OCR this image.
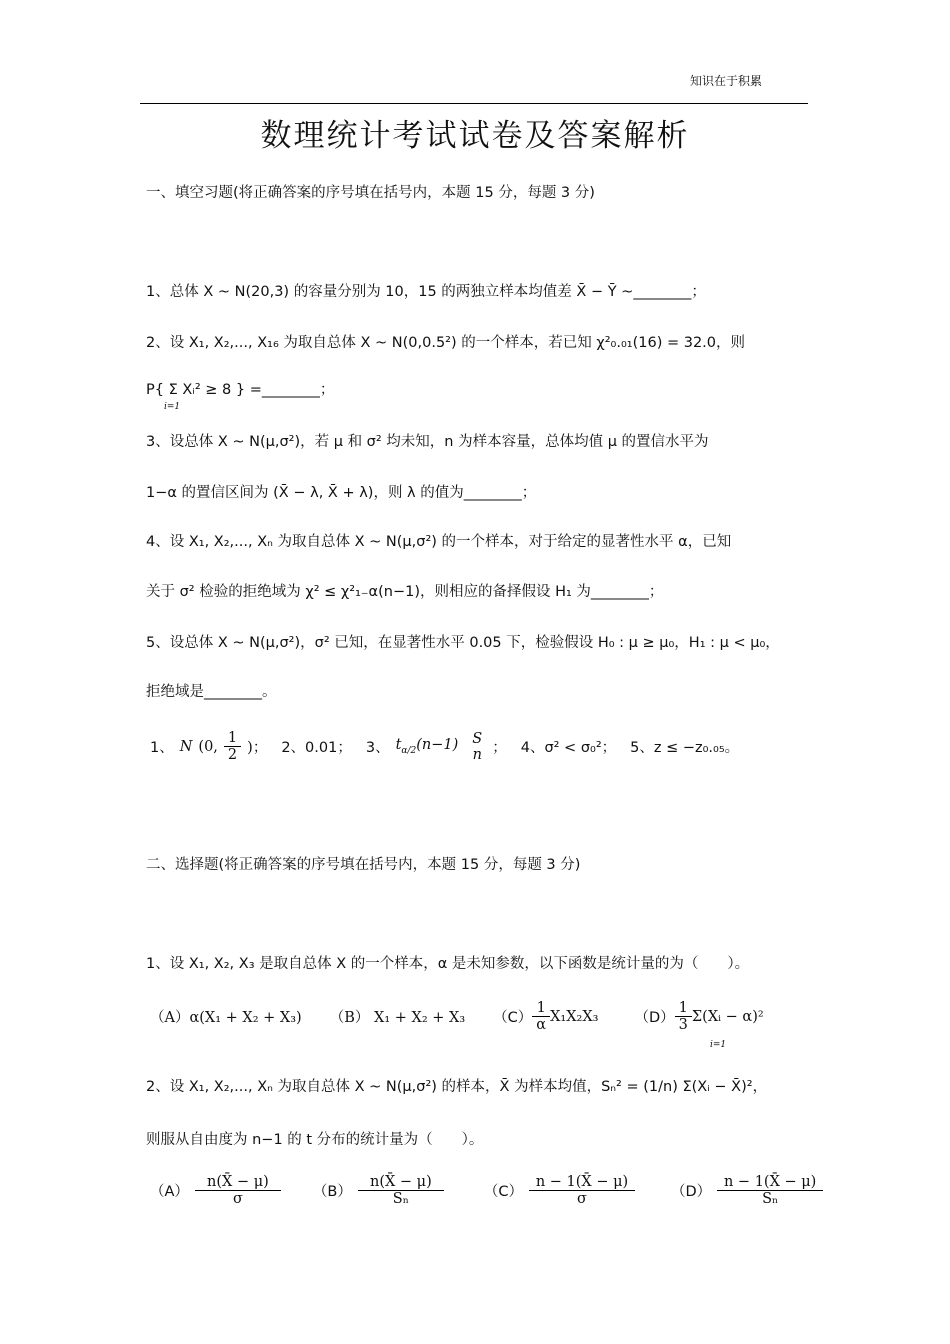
知识在于积累
数理统计考试试卷及答案解析
一、填空习题(将正确答案的序号填在括号内，本题 15 分，每题 3 分)
1、总体 X ~ N(20,3) 的容量分别为 10，15 的两独立样本均值差 X̄ − Ȳ ~________；
2、设 X₁, X₂,..., X₁₆ 为取自总体 X ~ N(0,0.5²) 的一个样本，若已知 χ²₀.₀₁(16) = 32.0，则
P{ Σ Xᵢ² ≥ 8 } =________；
i=1
3、设总体 X ~ N(μ,σ²)，若 μ 和 σ² 均未知，n 为样本容量，总体均值 μ 的置信水平为
1−α 的置信区间为 (X̄ − λ, X̄ + λ)，则 λ 的值为________；
4、设 X₁, X₂,..., Xₙ 为取自总体 X ~ N(μ,σ²) 的一个样本，对于给定的显著性水平 α，已知
关于 σ² 检验的拒绝域为 χ² ≤ χ²₁₋α(n−1)，则相应的备择假设 H₁ 为________；
5、设总体 X ~ N(μ,σ²)，σ² 已知，在显著性水平 0.05 下，检验假设 H₀ : μ ≥ μ₀，H₁ : μ < μ₀，
拒绝域是________。
1、 N (0, $\frac{1}{2}$ )； 2、0.01； 3、 $t_{\alpha/2}(n-1)$ S
n ； 4、σ² < σ₀²； 5、z ≤ −z₀.₀₅。
二、选择题(将正确答案的序号填在括号内，本题 15 分，每题 3 分)
1、设 X₁, X₂, X₃ 是取自总体 X 的一个样本，α 是未知参数，以下函数是统计量的为（　　）。
（A）α(X₁ + X₂ + X₃) （B） X₁ + X₂ + X₃ $(C) \frac{1}{\alpha} X_1X_2X_3$ $(D) \frac{1}{3}$ Σ(Xᵢ − α)²
i=1
2、设 X₁, X₂,..., Xₙ 为取自总体 X ~ N(μ,σ²) 的样本，X̄ 为样本均值，Sₙ² = (1/n) Σ(Xᵢ − X̄)²，
则服从自由度为 n−1 的 t 分布的统计量为（　　）。
$(A) \frac{n(X̄ - \mu)}{\sigma} (B) \frac{n(X̄ - \mu)}{\text{Sₙ}}$	$(C) \frac{n - 1(X̄ - \mu)}{\sigma} (D) \frac{n - 1(X̄ - \mu)}{\text{Sₙ}}$
